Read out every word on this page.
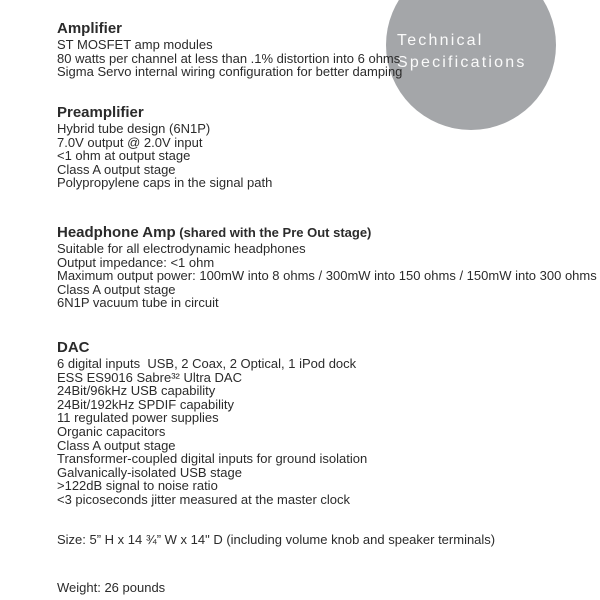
Technical
Specifications
Amplifier
ST MOSFET amp modules
80 watts per channel at less than .1% distortion into 6 ohms
Sigma Servo internal wiring configuration for better damping
Preamplifier
Hybrid tube design (6N1P)
7.0V output @ 2.0V input
<1 ohm at output stage
Class A output stage
Polypropylene caps in the signal path
Headphone Amp (shared with the Pre Out stage)
Suitable for all electrodynamic headphones
Output impedance: <1 ohm
Maximum output power: 100mW into 8 ohms / 300mW into 150 ohms / 150mW into 300 ohms
Class A output stage
6N1P vacuum tube in circuit
DAC
6 digital inputs  USB, 2 Coax, 2 Optical, 1 iPod dock
ESS ES9016 Sabre³² Ultra DAC
24Bit/96kHz USB capability
24Bit/192kHz SPDIF capability
11 regulated power supplies
Organic capacitors
Class A output stage
Transformer-coupled digital inputs for ground isolation
Galvanically-isolated USB stage
>122dB signal to noise ratio
<3 picoseconds jitter measured at the master clock
Size: 5” H x 14 ¾” W x 14" D (including volume knob and speaker terminals)
Weight: 26 pounds
